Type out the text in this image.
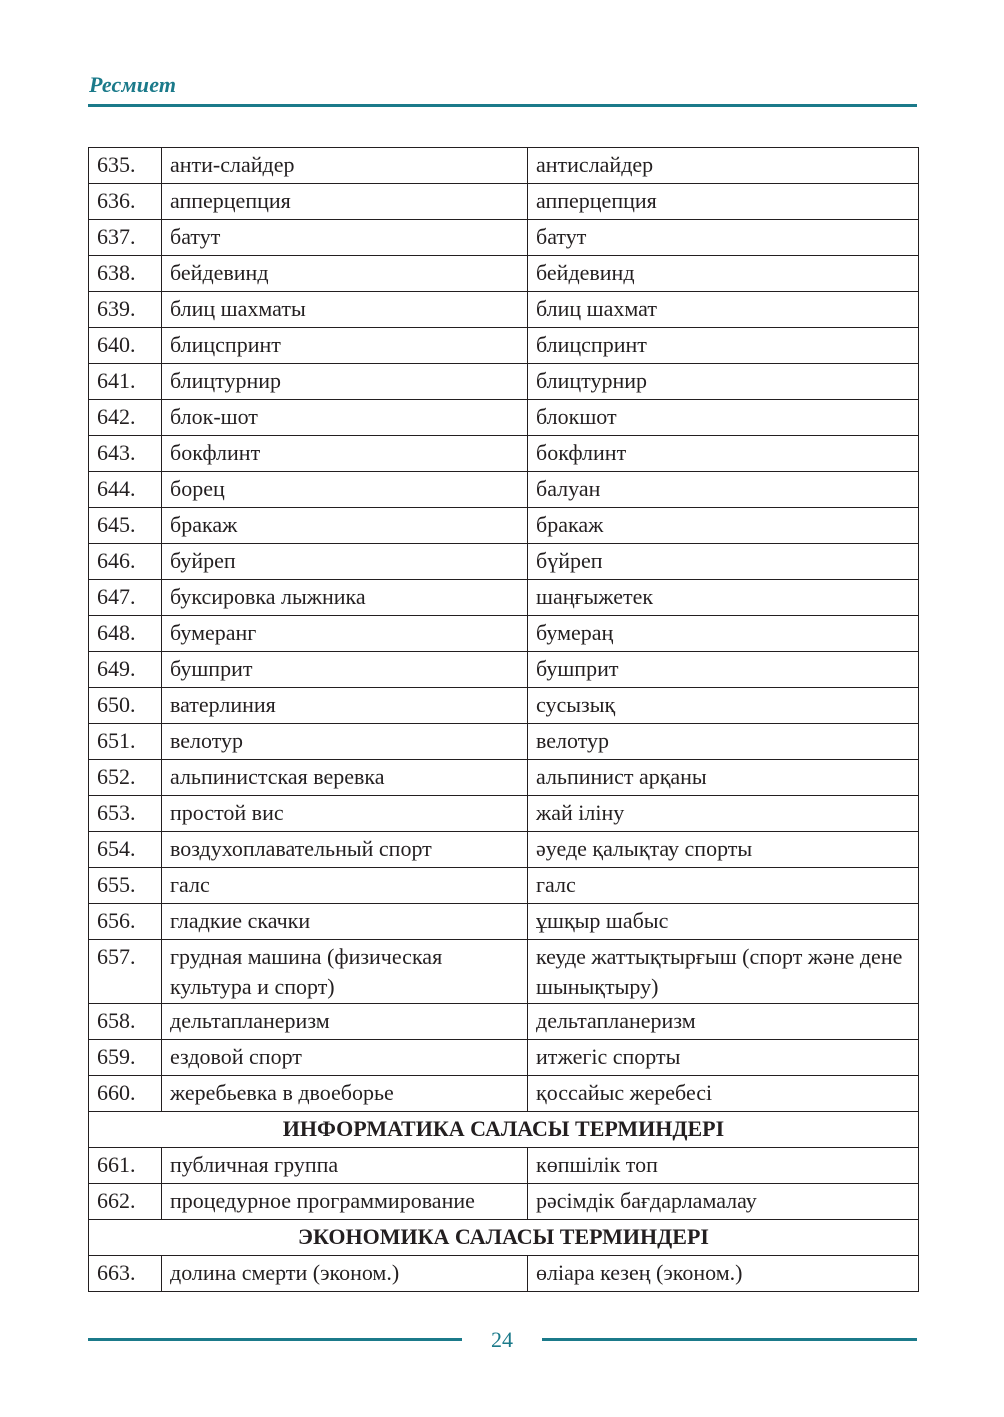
Ресмиет
635.	анти-слайдер	антислайдер
636.	апперцепция	апперцепция
637.	батут	батут
638.	бейдевинд	бейдевинд
639.	блиц шахматы	блиц шахмат
640.	блицспринт	блицспринт
641.	блицтурнир	блицтурнир
642.	блок-шот	блокшот
643.	бокфлинт	бокфлинт
644.	борец	балуан
645.	бракаж	бракаж
646.	буйреп	бүйреп
647.	буксировка лыжника	шаңғыжетек
648.	бумеранг	бумераң
649.	бушприт	бушприт
650.	ватерлиния	сусызық
651.	велотур	велотур
652.	альпинистская веревка	альпинист арқаны
653.	простой вис	жай іліну
654.	воздухоплавательный спорт	әуеде қалықтау спорты
655.	галс	галс
656.	гладкие скачки	ұшқыр шабыс
657.	грудная машина (физическая культура и спорт)	кеуде жаттықтырғыш (спорт және дене шынықтыру)
658.	дельтапланеризм	дельтапланеризм
659.	ездовой спорт	итжегіс спорты
660.	жеребьевка в двоеборье	қоссайыс жеребесі
ИНФОРМАТИКА САЛАСЫ ТЕРМИНДЕРІ		
661.	публичная группа	көпшілік топ
662.	процедурное программирование	рәсімдік бағдарламалау
ЭКОНОМИКА САЛАСЫ ТЕРМИНДЕРІ		
663.	долина смерти (эконом.)	өліара кезең (эконом.)
24
